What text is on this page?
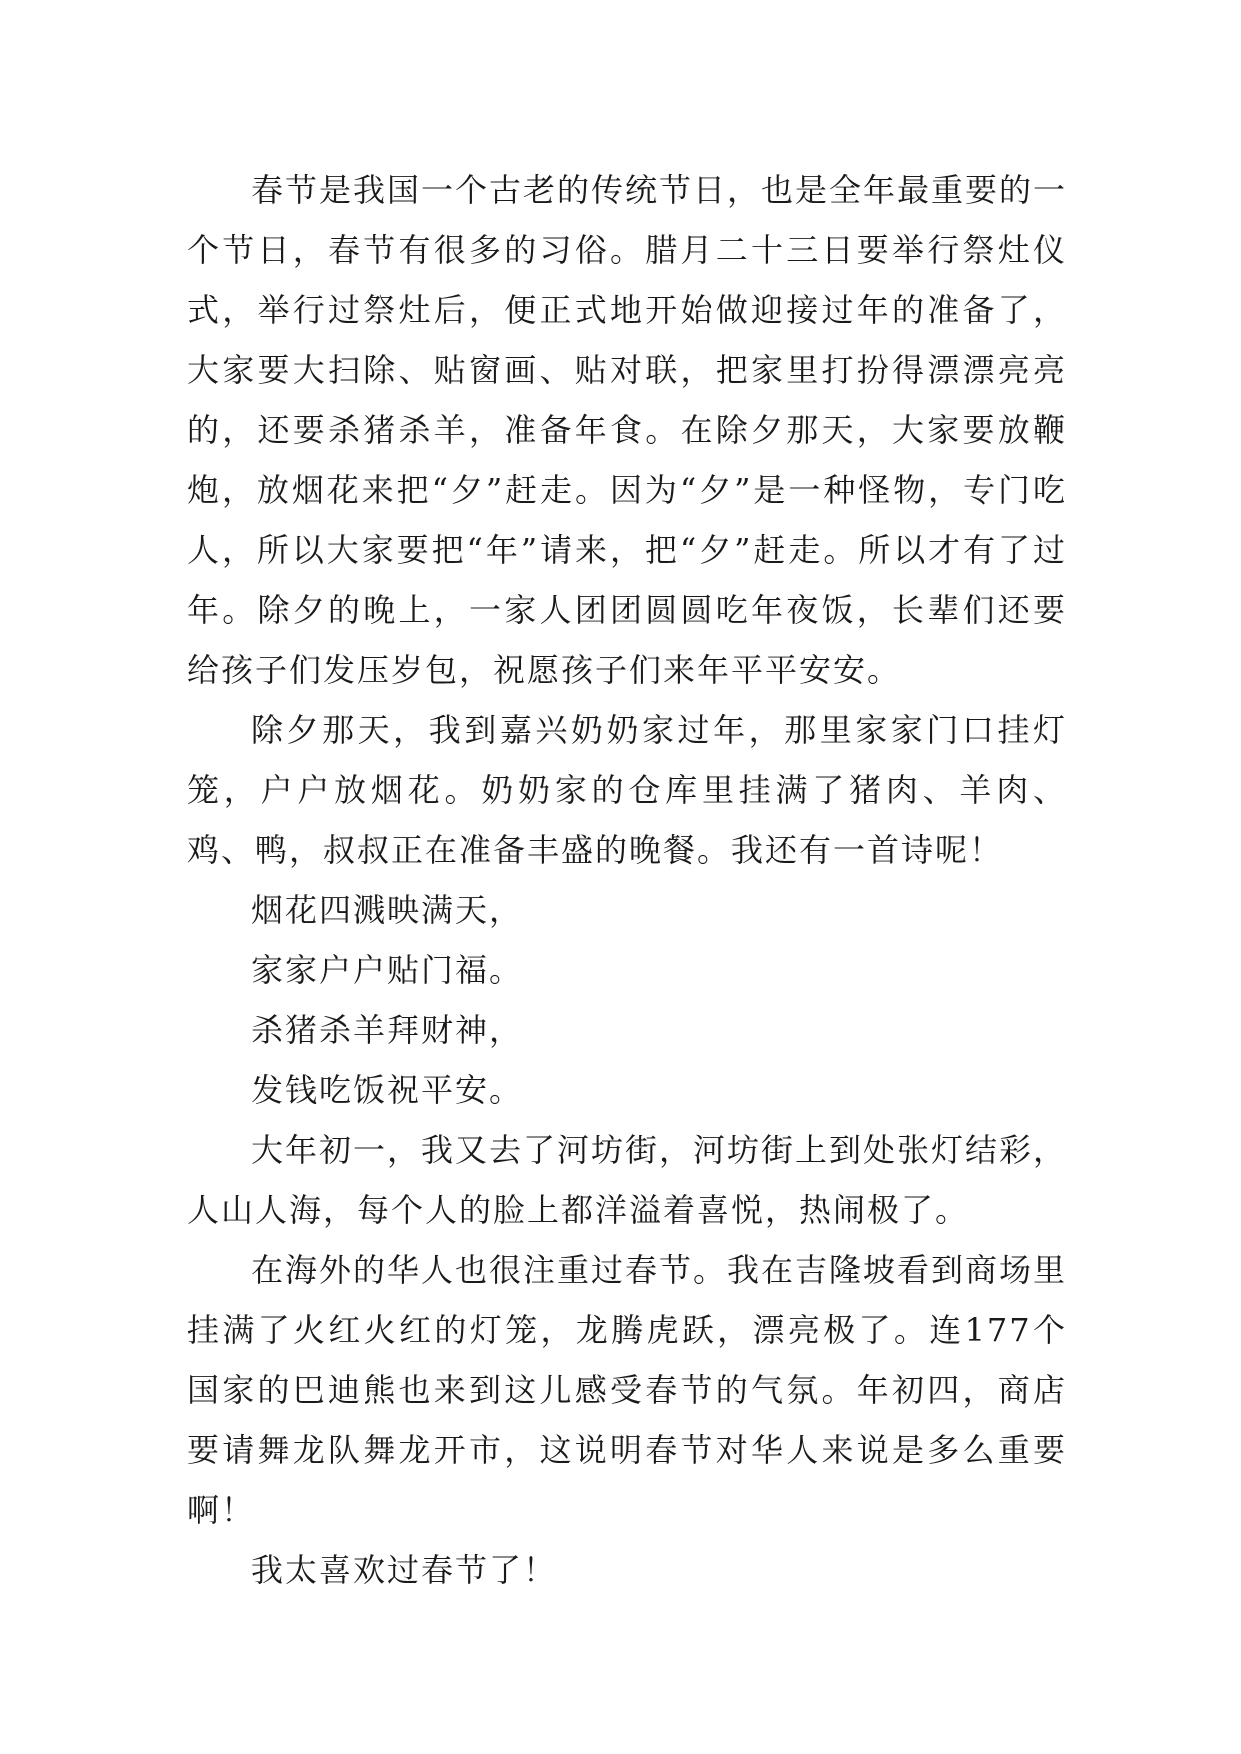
春节是我国一个古老的传统节日，也是全年最重要的一个节日，春节有很多的习俗。腊月二十三日要举行祭灶仪式，举行过祭灶后，便正式地开始做迎接过年的准备了，大家要大扫除、贴窗画、贴对联，把家里打扮得漂漂亮亮的，还要杀猪杀羊，准备年食。在除夕那天，大家要放鞭炮，放烟花来把“夕”赶走。因为“夕”是一种怪物，专门吃人，所以大家要把“年”请来，把“夕”赶走。所以才有了过年。除夕的晚上，一家人团团圆圆吃年夜饭，长辈们还要给孩子们发压岁包，祝愿孩子们来年平平安安。

除夕那天，我到嘉兴奶奶家过年，那里家家门口挂灯笼，户户放烟花。奶奶家的仓库里挂满了猪肉、羊肉、鸡、鸭，叔叔正在准备丰盛的晚餐。我还有一首诗呢！

烟花四溅映满天，

家家户户贴门福。

杀猪杀羊拜财神，

发钱吃饭祝平安。

大年初一，我又去了河坊街，河坊街上到处张灯结彩，人山人海，每个人的脸上都洋溢着喜悦，热闹极了。

在海外的华人也很注重过春节。我在吉隆坡看到商场里挂满了火红火红的灯笼，龙腾虎跃，漂亮极了。连177个国家的巴迪熊也来到这儿感受春节的气氛。年初四，商店要请舞龙队舞龙开市，这说明春节对华人来说是多么重要啊！

我太喜欢过春节了！
